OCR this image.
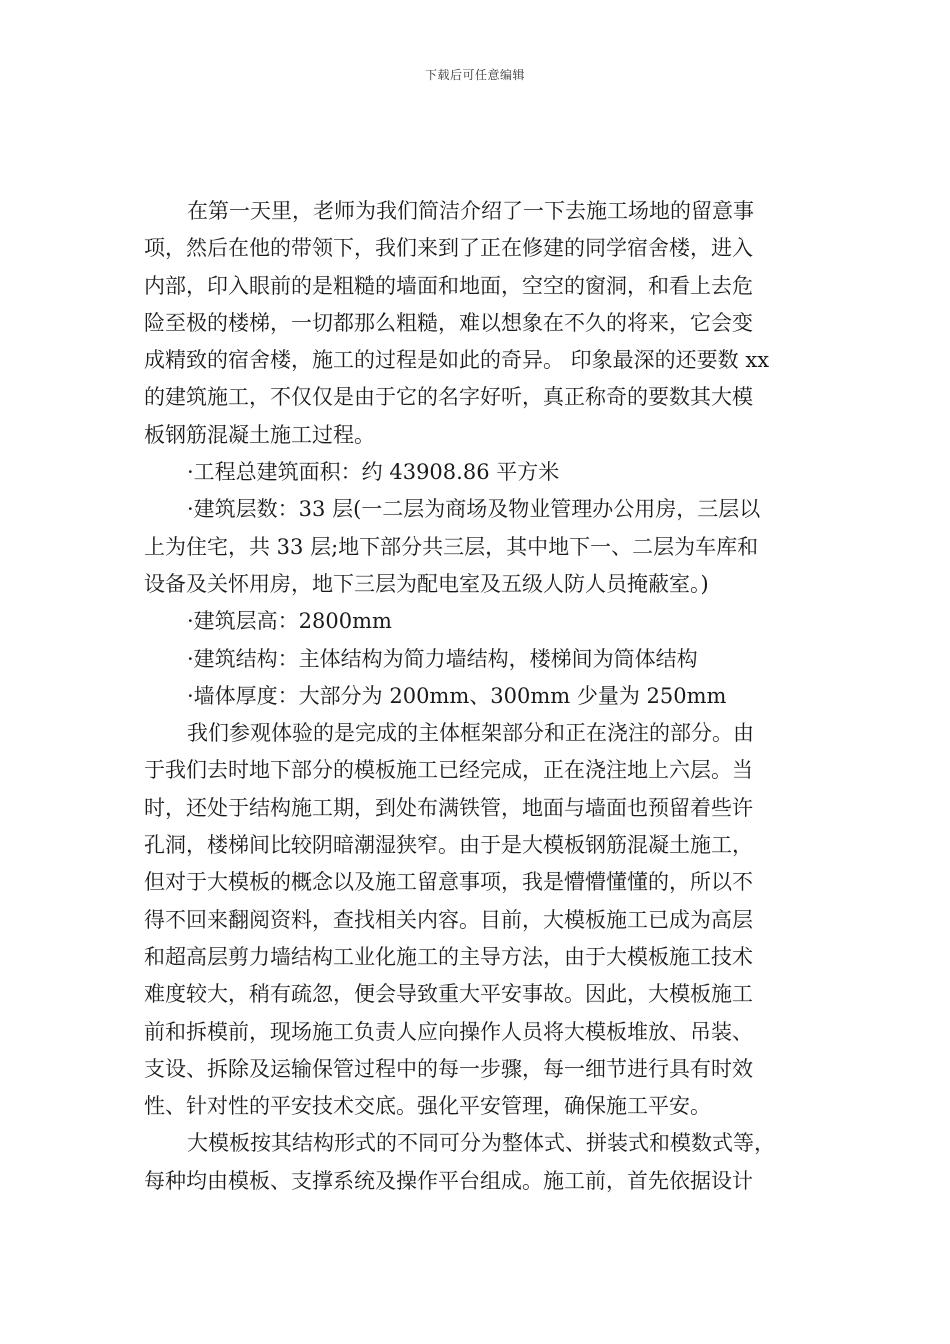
下载后可任意编辑
在第一天里，老师为我们简洁介绍了一下去施工场地的留意事
项，然后在他的带领下，我们来到了正在修建的同学宿舍楼，进入
内部，印入眼前的是粗糙的墙面和地面，空空的窗洞，和看上去危
险至极的楼梯，一切都那么粗糙，难以想象在不久的将来，它会变
成精致的宿舍楼，施工的过程是如此的奇异。 印象最深的还要数 xx
的建筑施工，不仅仅是由于它的名字好听，真正称奇的要数其大模
板钢筋混凝土施工过程。
·工程总建筑面积：约 43908.86 平方米
·建筑层数：33 层(一二层为商场及物业管理办公用房，三层以
上为住宅，共 33 层;地下部分共三层，其中地下一、二层为车库和
设备及关怀用房，地下三层为配电室及五级人防人员掩蔽室。)
·建筑层高：2800mm
·建筑结构：主体结构为简力墙结构，楼梯间为筒体结构
·墙体厚度：大部分为 200mm、300mm 少量为 250mm
我们参观体验的是完成的主体框架部分和正在浇注的部分。由
于我们去时地下部分的模板施工已经完成，正在浇注地上六层。当
时，还处于结构施工期，到处布满铁管，地面与墙面也预留着些许
孔洞，楼梯间比较阴暗潮湿狭窄。由于是大模板钢筋混凝土施工，
但对于大模板的概念以及施工留意事项，我是懵懵懂懂的，所以不
得不回来翻阅资料，查找相关内容。目前，大模板施工已成为高层
和超高层剪力墙结构工业化施工的主导方法，由于大模板施工技术
难度较大，稍有疏忽，便会导致重大平安事故。因此，大模板施工
前和拆模前，现场施工负责人应向操作人员将大模板堆放、吊装、
支设、拆除及运输保管过程中的每一步骤，每一细节进行具有时效
性、针对性的平安技术交底。强化平安管理，确保施工平安。
大模板按其结构形式的不同可分为整体式、拼装式和模数式等，
每种均由模板、支撑系统及操作平台组成。施工前，首先依据设计
